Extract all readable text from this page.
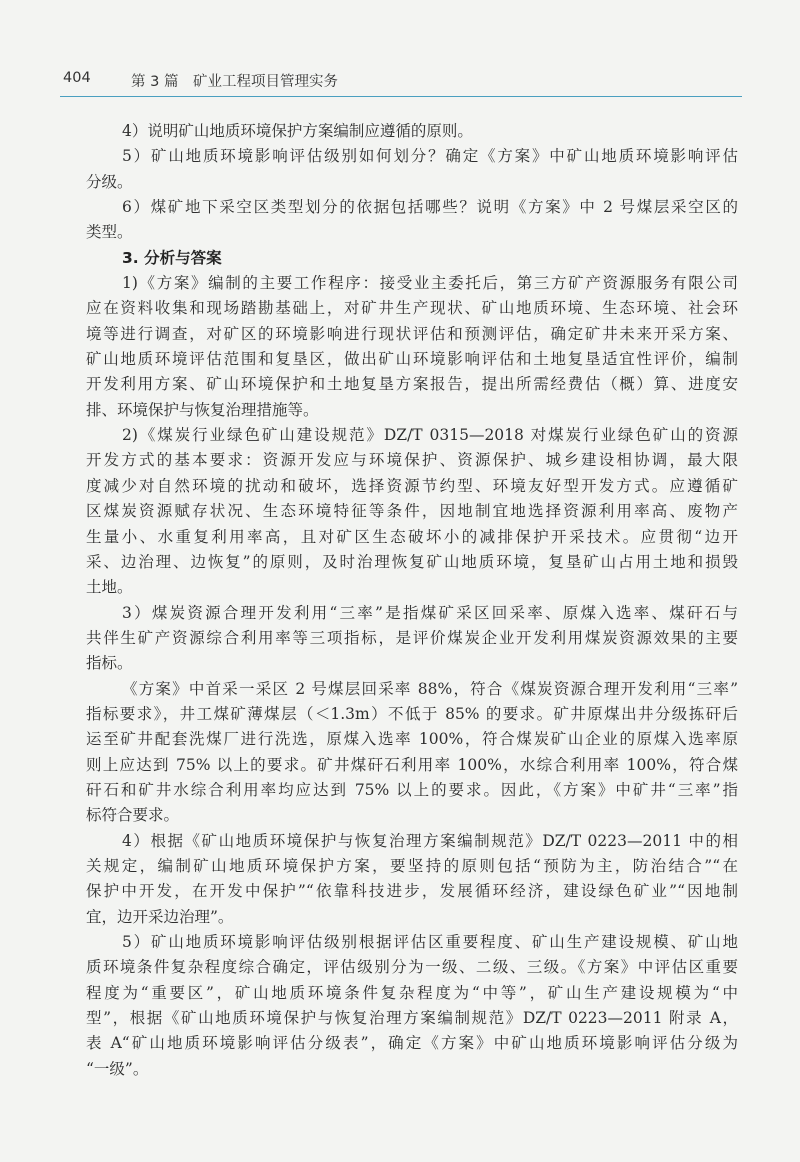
404	第 3 篇　矿业工程项目管理实务
4）说明矿山地质环境保护方案编制应遵循的原则。
5）矿山地质环境影响评估级别如何划分？确定《方案》中矿山地质环境影响评估
分级。
6）煤矿地下采空区类型划分的依据包括哪些？说明《方案》中 2 号煤层采空区的
类型。
3. 分析与答案
1)《方案》编制的主要工作程序：接受业主委托后，第三方矿产资源服务有限公司
应在资料收集和现场踏勘基础上，对矿井生产现状、矿山地质环境、生态环境、社会环
境等进行调查，对矿区的环境影响进行现状评估和预测评估，确定矿井未来开采方案、
矿山地质环境评估范围和复垦区，做出矿山环境影响评估和土地复垦适宜性评价，编制
开发利用方案、矿山环境保护和土地复垦方案报告，提出所需经费估（概）算、进度安
排、环境保护与恢复治理措施等。
2)《煤炭行业绿色矿山建设规范》DZ/T 0315—2018 对煤炭行业绿色矿山的资源
开发方式的基本要求：资源开发应与环境保护、资源保护、城乡建设相协调，最大限
度减少对自然环境的扰动和破坏，选择资源节约型、环境友好型开发方式。应遵循矿
区煤炭资源赋存状况、生态环境特征等条件，因地制宜地选择资源利用率高、废物产
生量小、水重复利用率高，且对矿区生态破坏小的减排保护开采技术。应贯彻“边开
采、边治理、边恢复”的原则，及时治理恢复矿山地质环境，复垦矿山占用土地和损毁
土地。
3）煤炭资源合理开发利用“三率”是指煤矿采区回采率、原煤入选率、煤矸石与
共伴生矿产资源综合利用率等三项指标，是评价煤炭企业开发利用煤炭资源效果的主要
指标。
《方案》中首采一采区 2 号煤层回采率 88%，符合《煤炭资源合理开发利用“三率”
指标要求》，井工煤矿薄煤层（＜1.3m）不低于 85% 的要求。矿井原煤出井分级拣矸后
运至矿井配套洗煤厂进行洗选，原煤入选率 100%，符合煤炭矿山企业的原煤入选率原
则上应达到 75% 以上的要求。矿井煤矸石利用率 100%，水综合利用率 100%，符合煤
矸石和矿井水综合利用率均应达到 75% 以上的要求。因此，《方案》中矿井“三率”指
标符合要求。
4）根据《矿山地质环境保护与恢复治理方案编制规范》DZ/T 0223—2011 中的相
关规定，编制矿山地质环境保护方案，要坚持的原则包括“预防为主，防治结合”“在
保护中开发，在开发中保护”“依靠科技进步，发展循环经济，建设绿色矿业”“因地制
宜，边开采边治理”。
5）矿山地质环境影响评估级别根据评估区重要程度、矿山生产建设规模、矿山地
质环境条件复杂程度综合确定，评估级别分为一级、二级、三级。《方案》中评估区重要
程度为“重要区”，矿山地质环境条件复杂程度为“中等”，矿山生产建设规模为“中
型”，根据《矿山地质环境保护与恢复治理方案编制规范》DZ/T 0223—2011 附录 A，
表 A“矿山地质环境影响评估分级表”，确定《方案》中矿山地质环境影响评估分级为
“一级”。
